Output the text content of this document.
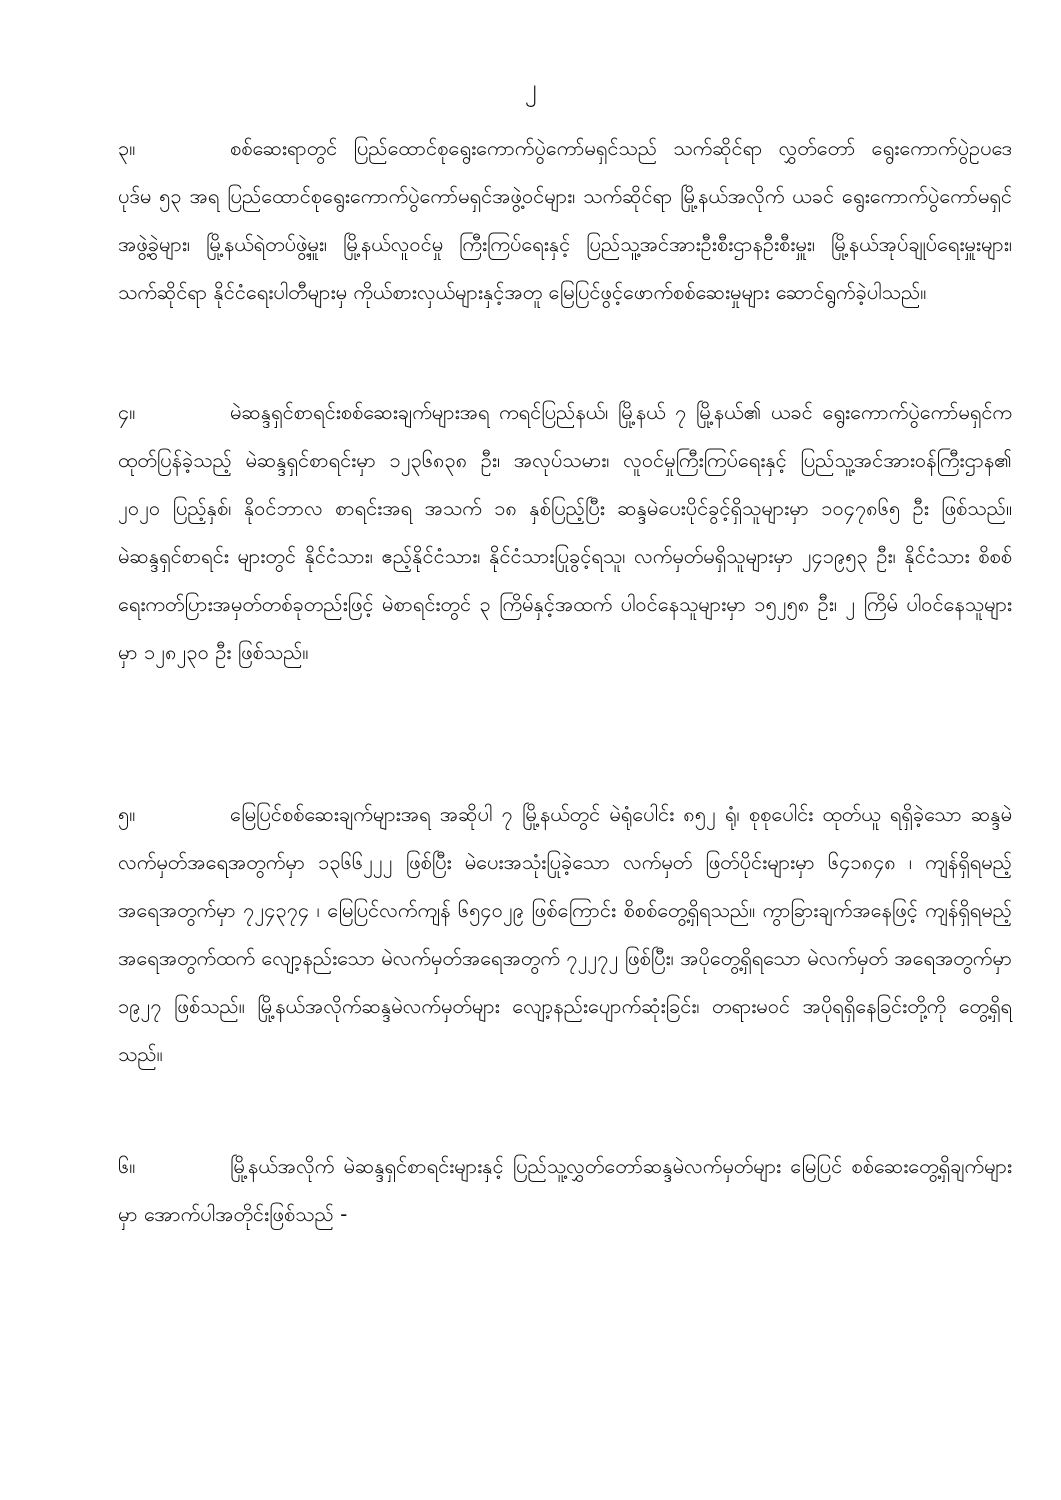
၂
၃။	စစ်ဆေးရာတွင် ပြည်ထောင်စုရွေးကောက်ပွဲကော်မရှင်သည် သက်ဆိုင်ရာ လွှတ်တော် ရွေးကောက်ပွဲဥပဒေ ပုဒ်မ ၅၃ အရ ပြည်ထောင်စုရွေးကောက်ပွဲကော်မရှင်အဖွဲ့ဝင်များ၊ သက်ဆိုင်ရာ မြို့နယ်အလိုက် ယခင် ရွေးကောက်ပွဲကော်မရှင်အဖွဲ့ခွဲများ၊ မြို့နယ်ရဲတပ်ဖွဲ့မှူး၊ မြို့နယ်လူဝင်မှု ကြီးကြပ်ရေးနှင့် ပြည်သူ့အင်အားဦးစီးဌာနဦးစီးမှူး၊ မြို့နယ်အုပ်ချုပ်ရေးမှူးများ၊ သက်ဆိုင်ရာ နိုင်ငံရေးပါတီများမှ ကိုယ်စားလှယ်များနှင့်အတူ မြေပြင်ဖွင့်ဖောက်စစ်ဆေးမှုများ ဆောင်ရွက်ခဲ့ပါသည်။
၄။	မဲဆန္ဒရှင်စာရင်းစစ်ဆေးချက်များအရ ကရင်ပြည်နယ်၊ မြို့နယ် ၇ မြို့နယ်၏ ယခင် ရွေးကောက်ပွဲကော်မရှင်က ထုတ်ပြန်ခဲ့သည့် မဲဆန္ဒရှင်စာရင်းမှာ ၁၂၃၆၈၃၈ ဦး၊ အလုပ်သမား၊ လူဝင်မှုကြီးကြပ်ရေးနှင့် ပြည်သူ့အင်အားဝန်ကြီးဌာန၏ ၂၀၂၀ ပြည့်နှစ်၊ နိုဝင်ဘာလ စာရင်းအရ အသက် ၁၈ နှစ်ပြည့်ပြီး ဆန္ဒမဲပေးပိုင်ခွင့်ရှိသူများမှာ ၁၀၄၇၈၆၅ ဦး ဖြစ်သည်။ မဲဆန္ဒရှင်စာရင်း များတွင် နိုင်ငံသား၊ ဧည့်နိုင်ငံသား၊ နိုင်ငံသားပြုခွင့်ရသူ၊ လက်မှတ်မရှိသူများမှာ ၂၄၁၉၅၃ ဦး၊ နိုင်ငံသား စိစစ်ရေးကတ်ပြားအမှတ်တစ်ခုတည်းဖြင့် မဲစာရင်းတွင် ၃ ကြိမ်နှင့်အထက် ပါဝင်နေသူများမှာ ၁၅၂၅၈ ဦး၊ ၂ ကြိမ် ပါဝင်နေသူများမှာ ၁၂၈၂၃၀ ဦး ဖြစ်သည်။
၅။	မြေပြင်စစ်ဆေးချက်များအရ အဆိုပါ ၇ မြို့နယ်တွင် မဲရုံပေါင်း ၈၅၂ ရုံ၊ စုစုပေါင်း ထုတ်ယူ ရရှိခဲ့သော ဆန္ဒမဲလက်မှတ်အရေအတွက်မှာ ၁၃၆၆၂၂၂ ဖြစ်ပြီး မဲပေးအသုံးပြုခဲ့သော လက်မှတ် ဖြတ်ပိုင်းများမှာ ၆၄၁၈၄၈ ၊ ကျန်ရှိရမည့်အရေအတွက်မှာ ၇၂၄၃၇၄ ၊ မြေပြင်လက်ကျန် ၆၅၄၀၂၉ ဖြစ်ကြောင်း စိစစ်တွေ့ရှိရသည်။ ကွာခြားချက်အနေဖြင့် ကျန်ရှိရမည့်အရေအတွက်ထက် လျော့နည်းသော မဲလက်မှတ်အရေအတွက် ၇၂၂၇၂ ဖြစ်ပြီး၊ အပိုတွေ့ရှိရသော မဲလက်မှတ် အရေအတွက်မှာ ၁၉၂၇ ဖြစ်သည်။ မြို့နယ်အလိုက်ဆန္ဒမဲလက်မှတ်များ လျော့နည်းပျောက်ဆုံးခြင်း၊ တရားမဝင် အပိုရရှိနေခြင်းတို့ကို တွေ့ရှိရသည်။
၆။	မြို့နယ်အလိုက် မဲဆန္ဒရှင်စာရင်းများနှင့် ပြည်သူ့လွှတ်တော်ဆန္ဒမဲလက်မှတ်များ မြေပြင် စစ်ဆေးတွေ့ရှိချက်များမှာ အောက်ပါအတိုင်းဖြစ်သည် -
